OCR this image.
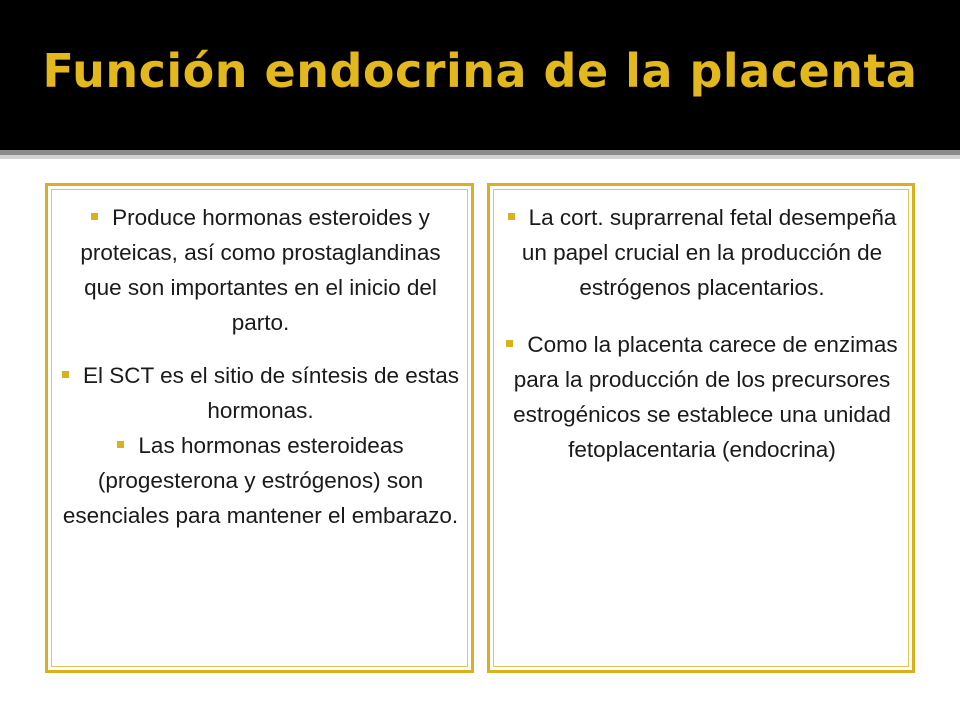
Función endocrina de la placenta
Produce hormonas esteroides y proteicas, así como prostaglandinas que son importantes en el inicio del parto.
El SCT es el sitio de síntesis de estas hormonas.
Las hormonas esteroideas (progesterona y estrógenos) son esenciales para mantener el embarazo.
La cort. suprarrenal fetal desempeña un papel crucial en la producción de estrógenos placentarios.
Como la placenta carece de enzimas para la producción de los precursores estrogénicos se establece una unidad fetoplacentaria (endocrina)
